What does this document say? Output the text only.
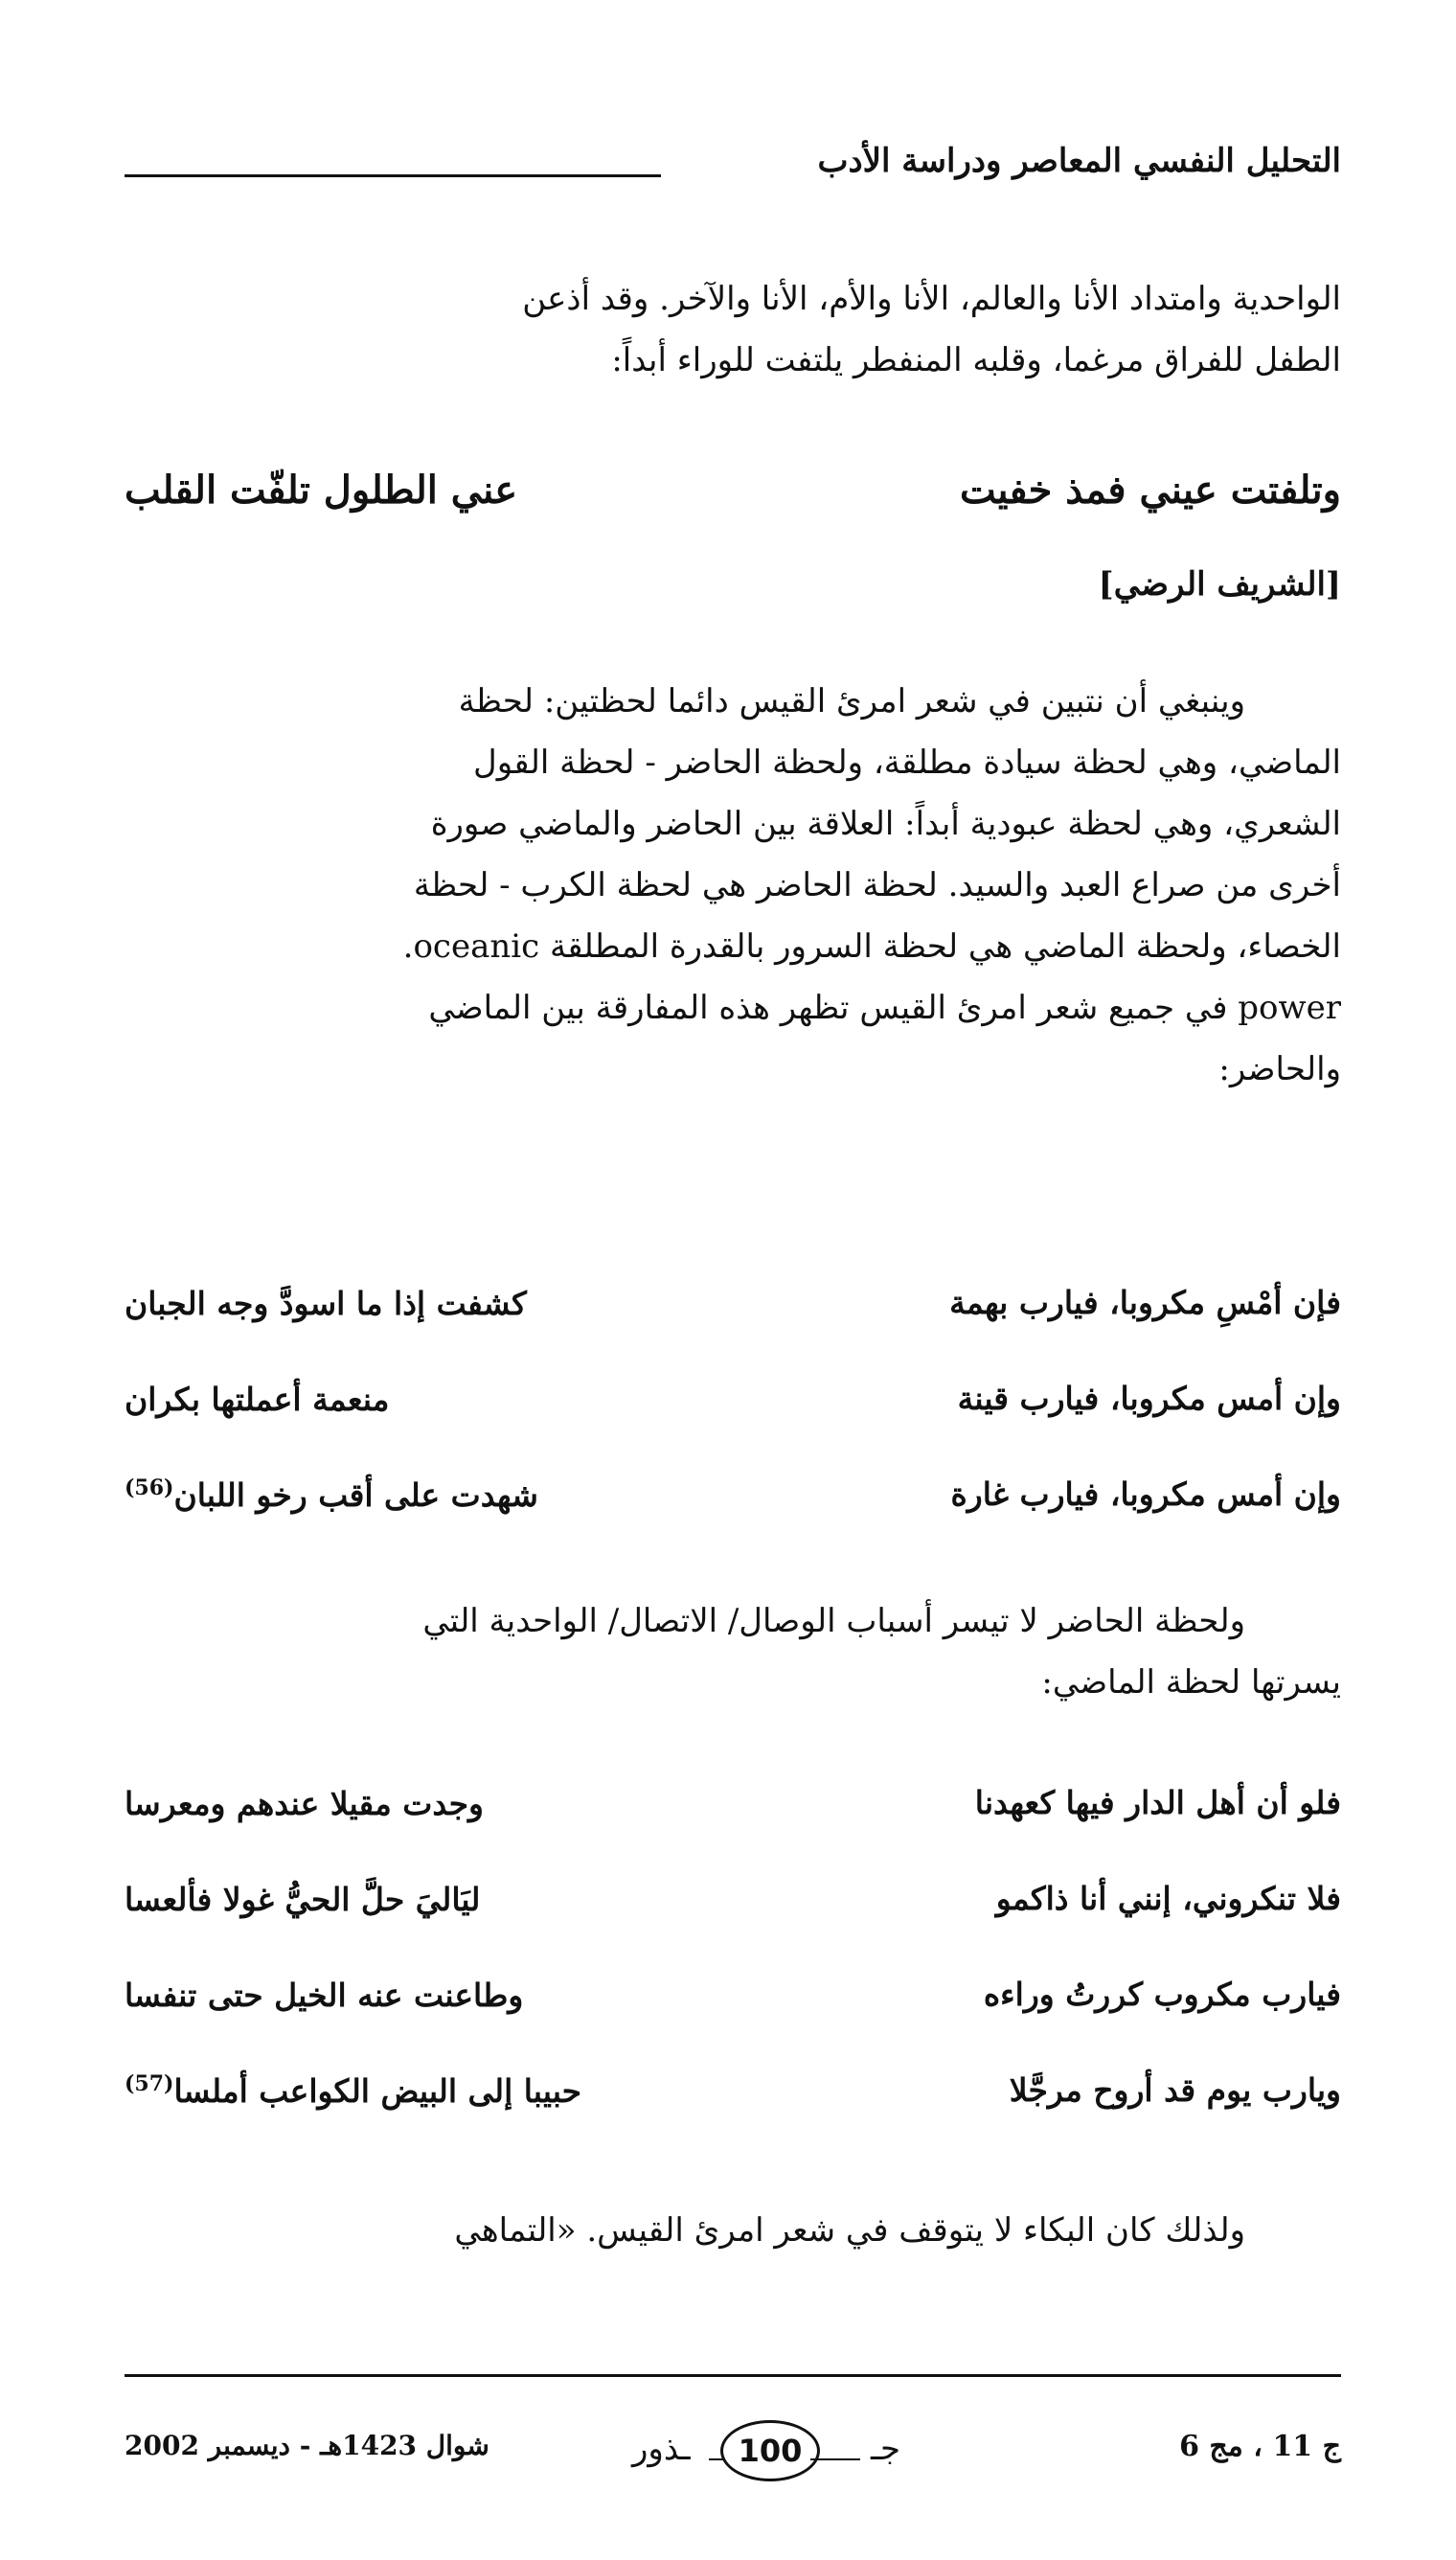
التحليل النفسي المعاصر ودراسة الأدب
الواحدية وامتداد الأنا والعالم، الأنا والأم، الأنا والآخر. وقد أذعن
الطفل للفراق مرغما، وقلبه المنفطر يلتفت للوراء أبداً:
وتلفتت عيني فمذ خفيت
عني الطلول تلفّت القلب
[الشريف الرضي]
وينبغي أن نتبين في شعر امرئ القيس دائما لحظتين: لحظة
الماضي، وهي لحظة سيادة مطلقة، ولحظة الحاضر - لحظة القول
الشعري، وهي لحظة عبودية أبداً: العلاقة بين الحاضر والماضي صورة
أخرى من صراع العبد والسيد. لحظة الحاضر هي لحظة الكرب - لحظة
الخصاء، ولحظة الماضي هي لحظة السرور بالقدرة المطلقة oceanic.
power في جميع شعر امرئ القيس تظهر هذه المفارقة بين الماضي
والحاضر:
فإن أمْسِ مكروبا، فيارب بهمة
كشفت إذا ما اسودَّ وجه الجبان
وإن أمس مكروبا، فيارب قينة
منعمة أعملتها بكران
وإن أمس مكروبا، فيارب غارة
شهدت على أقب رخو اللبان$^{(56)}$
ولحظة الحاضر لا تيسر أسباب الوصال/ الاتصال/ الواحدية التي
يسرتها لحظة الماضي:
فلو أن أهل الدار فيها كعهدنا
وجدت مقيلا عندهم ومعرسا
فلا تنكروني، إنني أنا ذاكمو
ليَاليَ حلَّ الحيُّ غولا فألعسا
فيارب مكروب كررتُ وراءه
وطاعنت عنه الخيل حتى تنفسا
ويارب يوم قد أروح مرجَّلا
حبيبا إلى البيض الكواعب أملسا$^{(57)}$
ولذلك كان البكاء لا يتوقف في شعر امرئ القيس. «التماهي
ج 11 ، مج 6
جـ
100
ـذور
شوال 1423هـ - ديسمبر 2002
